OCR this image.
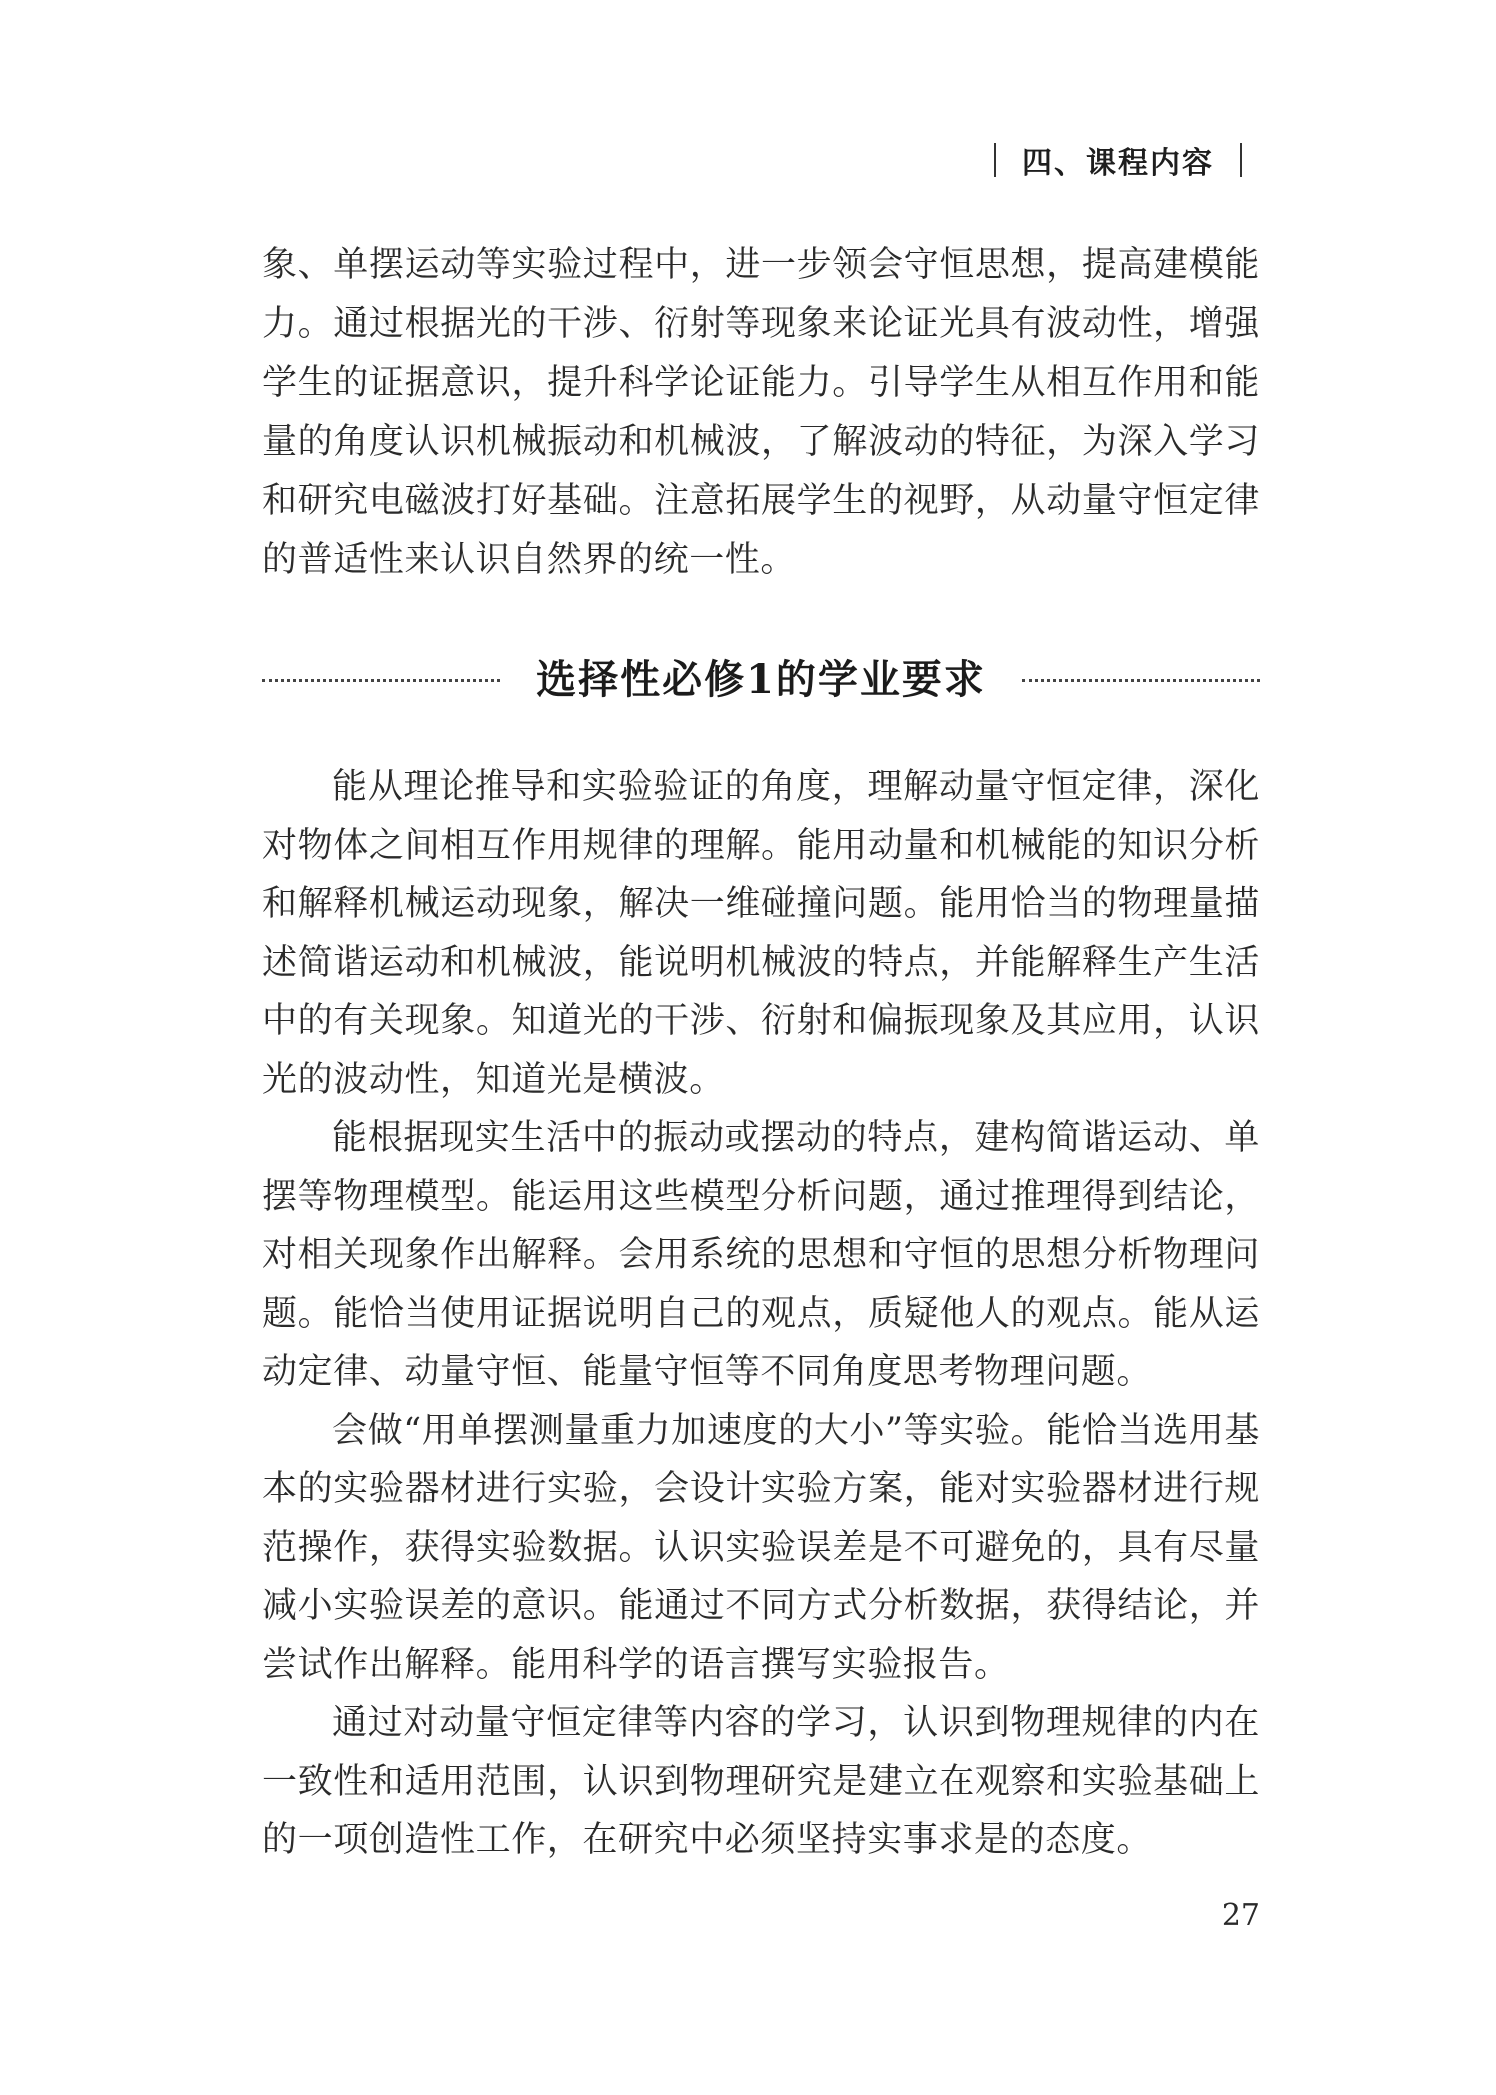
四、课程内容

象、单摆运动等实验过程中，进一步领会守恒思想，提高建模能力。通过根据光的干涉、衍射等现象来论证光具有波动性，增强学生的证据意识，提升科学论证能力。引导学生从相互作用和能量的角度认识机械振动和机械波，了解波动的特征，为深入学习和研究电磁波打好基础。注意拓展学生的视野，从动量守恒定律的普适性来认识自然界的统一性。

选择性必修1的学业要求

能从理论推导和实验验证的角度，理解动量守恒定律，深化对物体之间相互作用规律的理解。能用动量和机械能的知识分析和解释机械运动现象，解决一维碰撞问题。能用恰当的物理量描述简谐运动和机械波，能说明机械波的特点，并能解释生产生活中的有关现象。知道光的干涉、衍射和偏振现象及其应用，认识光的波动性，知道光是横波。

能根据现实生活中的振动或摆动的特点，建构简谐运动、单摆等物理模型。能运用这些模型分析问题，通过推理得到结论，对相关现象作出解释。会用系统的思想和守恒的思想分析物理问题。能恰当使用证据说明自己的观点，质疑他人的观点。能从运动定律、动量守恒、能量守恒等不同角度思考物理问题。

会做“用单摆测量重力加速度的大小”等实验。能恰当选用基本的实验器材进行实验，会设计实验方案，能对实验器材进行规范操作，获得实验数据。认识实验误差是不可避免的，具有尽量减小实验误差的意识。能通过不同方式分析数据，获得结论，并尝试作出解释。能用科学的语言撰写实验报告。

通过对动量守恒定律等内容的学习，认识到物理规律的内在一致性和适用范围，认识到物理研究是建立在观察和实验基础上的一项创造性工作，在研究中必须坚持实事求是的态度。

27
